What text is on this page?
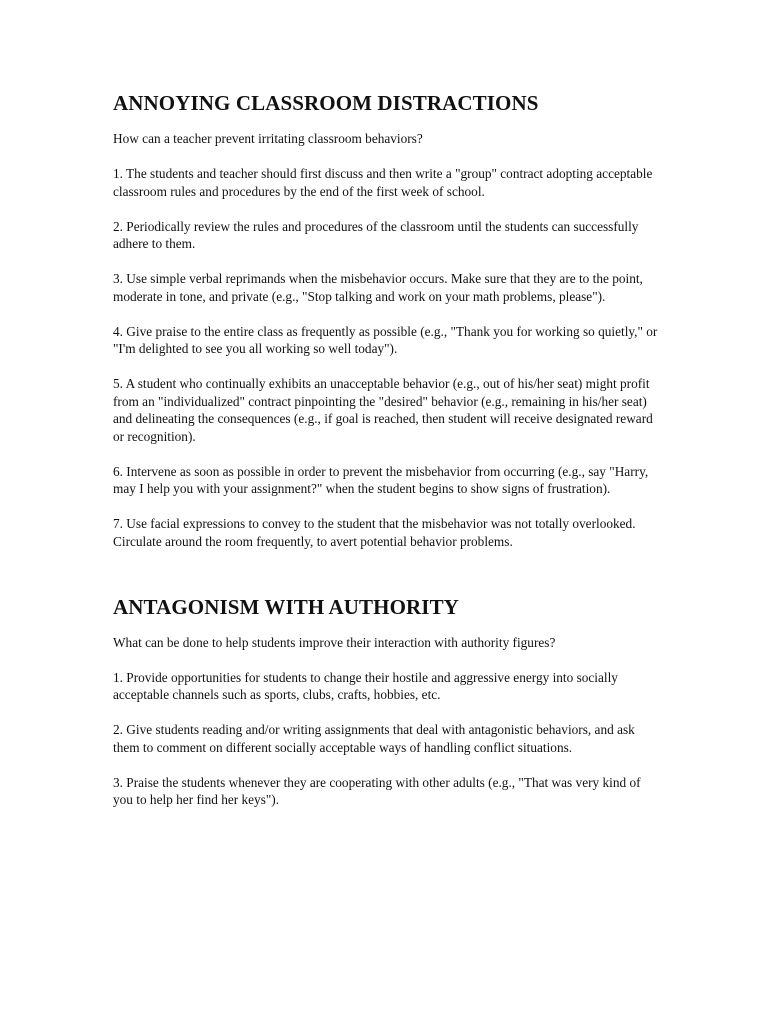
ANNOYING CLASSROOM DISTRACTIONS

How can a teacher prevent irritating classroom behaviors?

1. The students and teacher should first discuss and then write a "group" contract adopting acceptable classroom rules and procedures by the end of the first week of school.

2. Periodically review the rules and procedures of the classroom until the students can successfully adhere to them.

3. Use simple verbal reprimands when the misbehavior occurs. Make sure that they are to the point, moderate in tone, and private (e.g., "Stop talking and work on your math problems, please").

4. Give praise to the entire class as frequently as possible (e.g., "Thank you for working so quietly," or "I'm delighted to see you all working so well today").

5. A student who continually exhibits an unacceptable behavior (e.g., out of his/her seat) might profit from an "individualized" contract pinpointing the "desired" behavior (e.g., remaining in his/her seat) and delineating the consequences (e.g., if goal is reached, then student will receive designated reward or recognition).

6. Intervene as soon as possible in order to prevent the misbehavior from occurring (e.g., say "Harry, may I help you with your assignment?" when the student begins to show signs of frustration).

7. Use facial expressions to convey to the student that the misbehavior was not totally overlooked. Circulate around the room frequently, to avert potential behavior problems.

ANTAGONISM WITH AUTHORITY

What can be done to help students improve their interaction with authority figures?

1. Provide opportunities for students to change their hostile and aggressive energy into socially acceptable channels such as sports, clubs, crafts, hobbies, etc.

2. Give students reading and/or writing assignments that deal with antagonistic behaviors, and ask them to comment on different socially acceptable ways of handling conflict situations.

3. Praise the students whenever they are cooperating with other adults (e.g., "That was very kind of you to help her find her keys").
